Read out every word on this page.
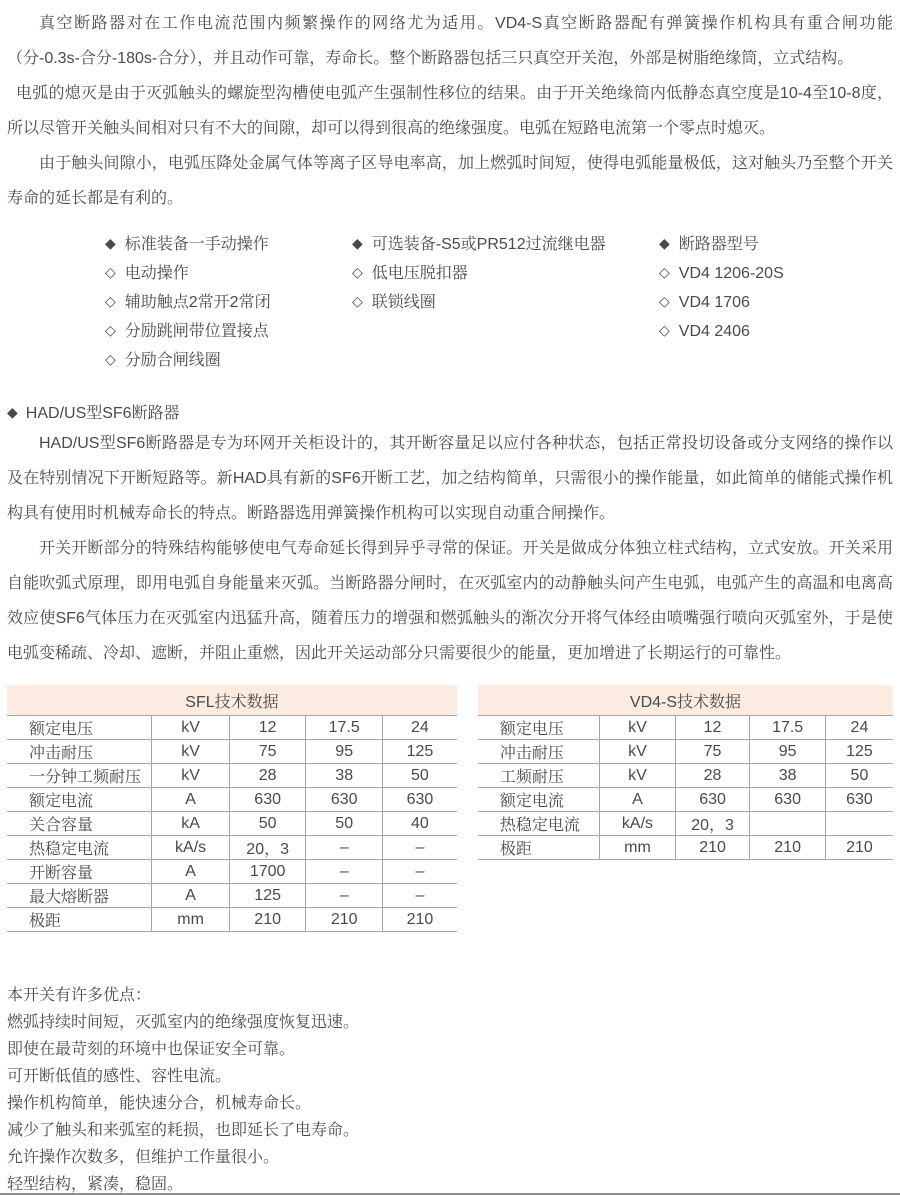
真空断路器对在工作电流范围内频繁操作的网络尤为适用。VD4-S真空断路器配有弹簧操作机构具有重合闸功能（分-0.3s-合分-180s-合分），并且动作可靠，寿命长。整个断路器包括三只真空开关泡，外部是树脂绝缘筒，立式结构。

电弧的熄灭是由于灭弧触头的螺旋型沟槽使电弧产生强制性移位的结果。由于开关绝缘筒内低静态真空度是10-4至10-8度，所以尽管开关触头间相对只有不大的间隙，却可以得到很高的绝缘强度。电弧在短路电流第一个零点时熄灭。

由于触头间隙小，电弧压降处金属气体等离子区导电率高，加上燃弧时间短，使得电弧能量极低，这对触头乃至整个开关寿命的延长都是有利的。

◆ 标准装备一手动操作
◇ 电动操作
◇ 辅助触点2常开2常闭
◇ 分励跳闸带位置接点
◇ 分励合闸线圈
◆ 可选装备-S5或PR512过流继电器
◇ 低电压脱扣器
◇ 联锁线圈
◆ 断路器型号
◇ VD4 1206-20S
◇ VD4 1706
◇ VD4 2406
◆ HAD/US型SF6断路器

HAD/US型SF6断路器是专为环网开关柜设计的，其开断容量足以应付各种状态，包括正常投切设备或分支网络的操作以及在特别情况下开断短路等。新HAD具有新的SF6开断工艺，加之结构简单，只需很小的操作能量，如此简单的储能式操作机构具有使用时机械寿命长的特点。断路器选用弹簧操作机构可以实现自动重合闸操作。

开关开断部分的特殊结构能够使电气寿命延长得到异乎寻常的保证。开关是做成分体独立柱式结构，立式安放。开关采用自能吹弧式原理，即用电弧自身能量来灭弧。当断路器分闸时，在灭弧室内的动静触头问产生电弧，电弧产生的高温和电离高效应使SF6气体压力在灭弧室内迅猛升高，随着压力的增强和燃弧触头的渐次分开将气体经由喷嘴强行喷向灭弧室外，于是使电弧变稀疏、冷却、遮断，并阻止重燃，因此开关运动部分只需要很少的能量，更加增进了长期运行的可靠性。

SFL技术数据				
额定电压	kV	12	17.5	24
冲击耐压	kV	75	95	125
一分钟工频耐压	kV	28	38	50
额定电流	A	630	630	630
关合容量	kA	50	50	40
热稳定电流	kA/s	20，3	–	–
开断容量	A	1700	–	–
最大熔断器	A	125	–	–
极距	mm	210	210	210
VD4-S技术数据				
额定电压	kV	12	17.5	24
冲击耐压	kV	75	95	125
工频耐压	kV	28	38	50
额定电流	A	630	630	630
热稳定电流	kA/s	20，3		
极距	mm	210	210	210
本开关有许多优点：
燃弧持续时间短，灭弧室内的绝缘强度恢复迅速。
即使在最苛刻的环境中也保证安全可靠。
可开断低值的感性、容性电流。
操作机构简单，能快速分合，机械寿命长。
减少了触头和来弧室的耗损，也即延长了电寿命。
允许操作次数多，但维护工作量很小。
轻型结构，紧凑，稳固。
